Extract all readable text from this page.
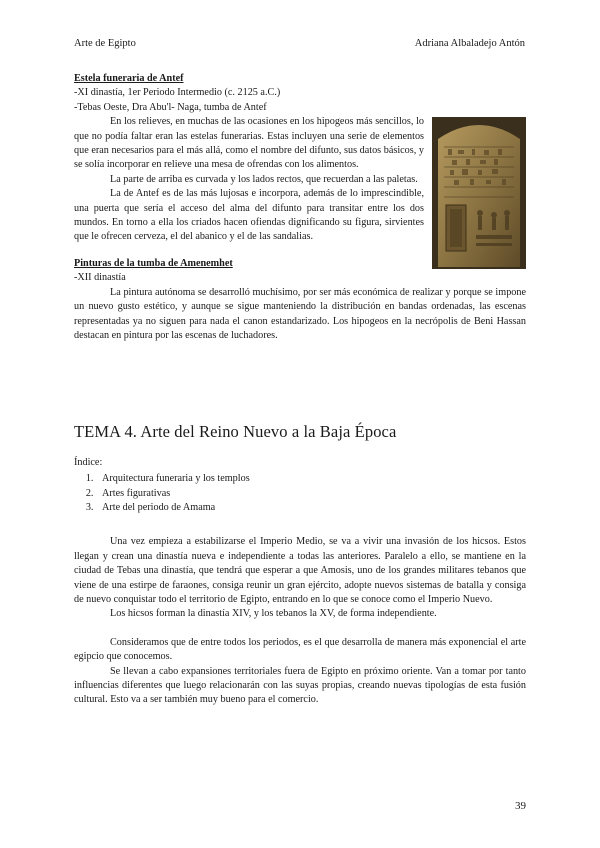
Arte de Egipto	Adriana Albaladejo Antón

Estela funeraria de Antef

-XI dinastía, 1er Periodo Intermedio (c. 2125 a.C.)

-Tebas Oeste, Dra Abu'l- Naga, tumba de Antef

En los relieves, en muchas de las ocasiones en los hipogeos más sencillos, lo que no podía faltar eran las estelas funerarias. Estas incluyen una serie de elementos que eran necesarios para el más allá, como el nombre del difunto, sus datos básicos, y se solía incorporar en relieve una mesa de ofrendas con los alimentos.

La parte de arriba es curvada y los lados rectos, que recuerdan a las paletas.

La de Antef es de las más lujosas e incorpora, además de lo imprescindible, una puerta que sería el acceso del alma del difunto para transitar entre los dos mundos. En torno a ella los criados hacen ofiendas dignificando su figura, sirvientes que le ofrecen cerveza, el del abanico y el de las sandalias.

Pinturas de la tumba de Amenemhet

-XII dinastía

La pintura autónoma se desarrolló muchísimo, por ser más económica de realizar y porque se impone un nuevo gusto estético, y aunque se sigue manteniendo la distribución en bandas ordenadas, las escenas representadas ya no siguen para nada el canon estandarizado. Los hipogeos en la necrópolis de Beni Hassan destacan en pintura por las escenas de luchadores.

TEMA 4. Arte del Reino Nuevo a la Baja Época

Índice:

1. Arquitectura funeraria y los templos
2. Artes figurativas
3. Arte del periodo de Amama

Una vez empieza a estabilizarse el Imperio Medio, se va a vivir una invasión de los hicsos. Estos llegan y crean una dinastía nueva e independiente a todas las anteriores. Paralelo a ello, se mantiene en la ciudad de Tebas una dinastía, que tendrá que esperar a que Amosis, uno de los grandes militares tebanos que viene de una estirpe de faraones, consiga reunir un gran ejército, adopte nuevos sistemas de batalla y consiga de nuevo conquistar todo el territorio de Egipto, entrando en lo que se conoce como el Imperio Nuevo.

Los hicsos forman la dinastía XIV, y los tebanos la XV, de forma independiente.

Consideramos que de entre todos los periodos, es el que desarrolla de manera más exponencial el arte egipcio que conocemos.

Se llevan a cabo expansiones territoriales fuera de Egipto en próximo oriente. Van a tomar por tanto influencias diferentes que luego relacionarán con las suyas propias, creando nuevas tipologías de esta fusión cultural. Esto va a ser también muy bueno para el comercio.

39
